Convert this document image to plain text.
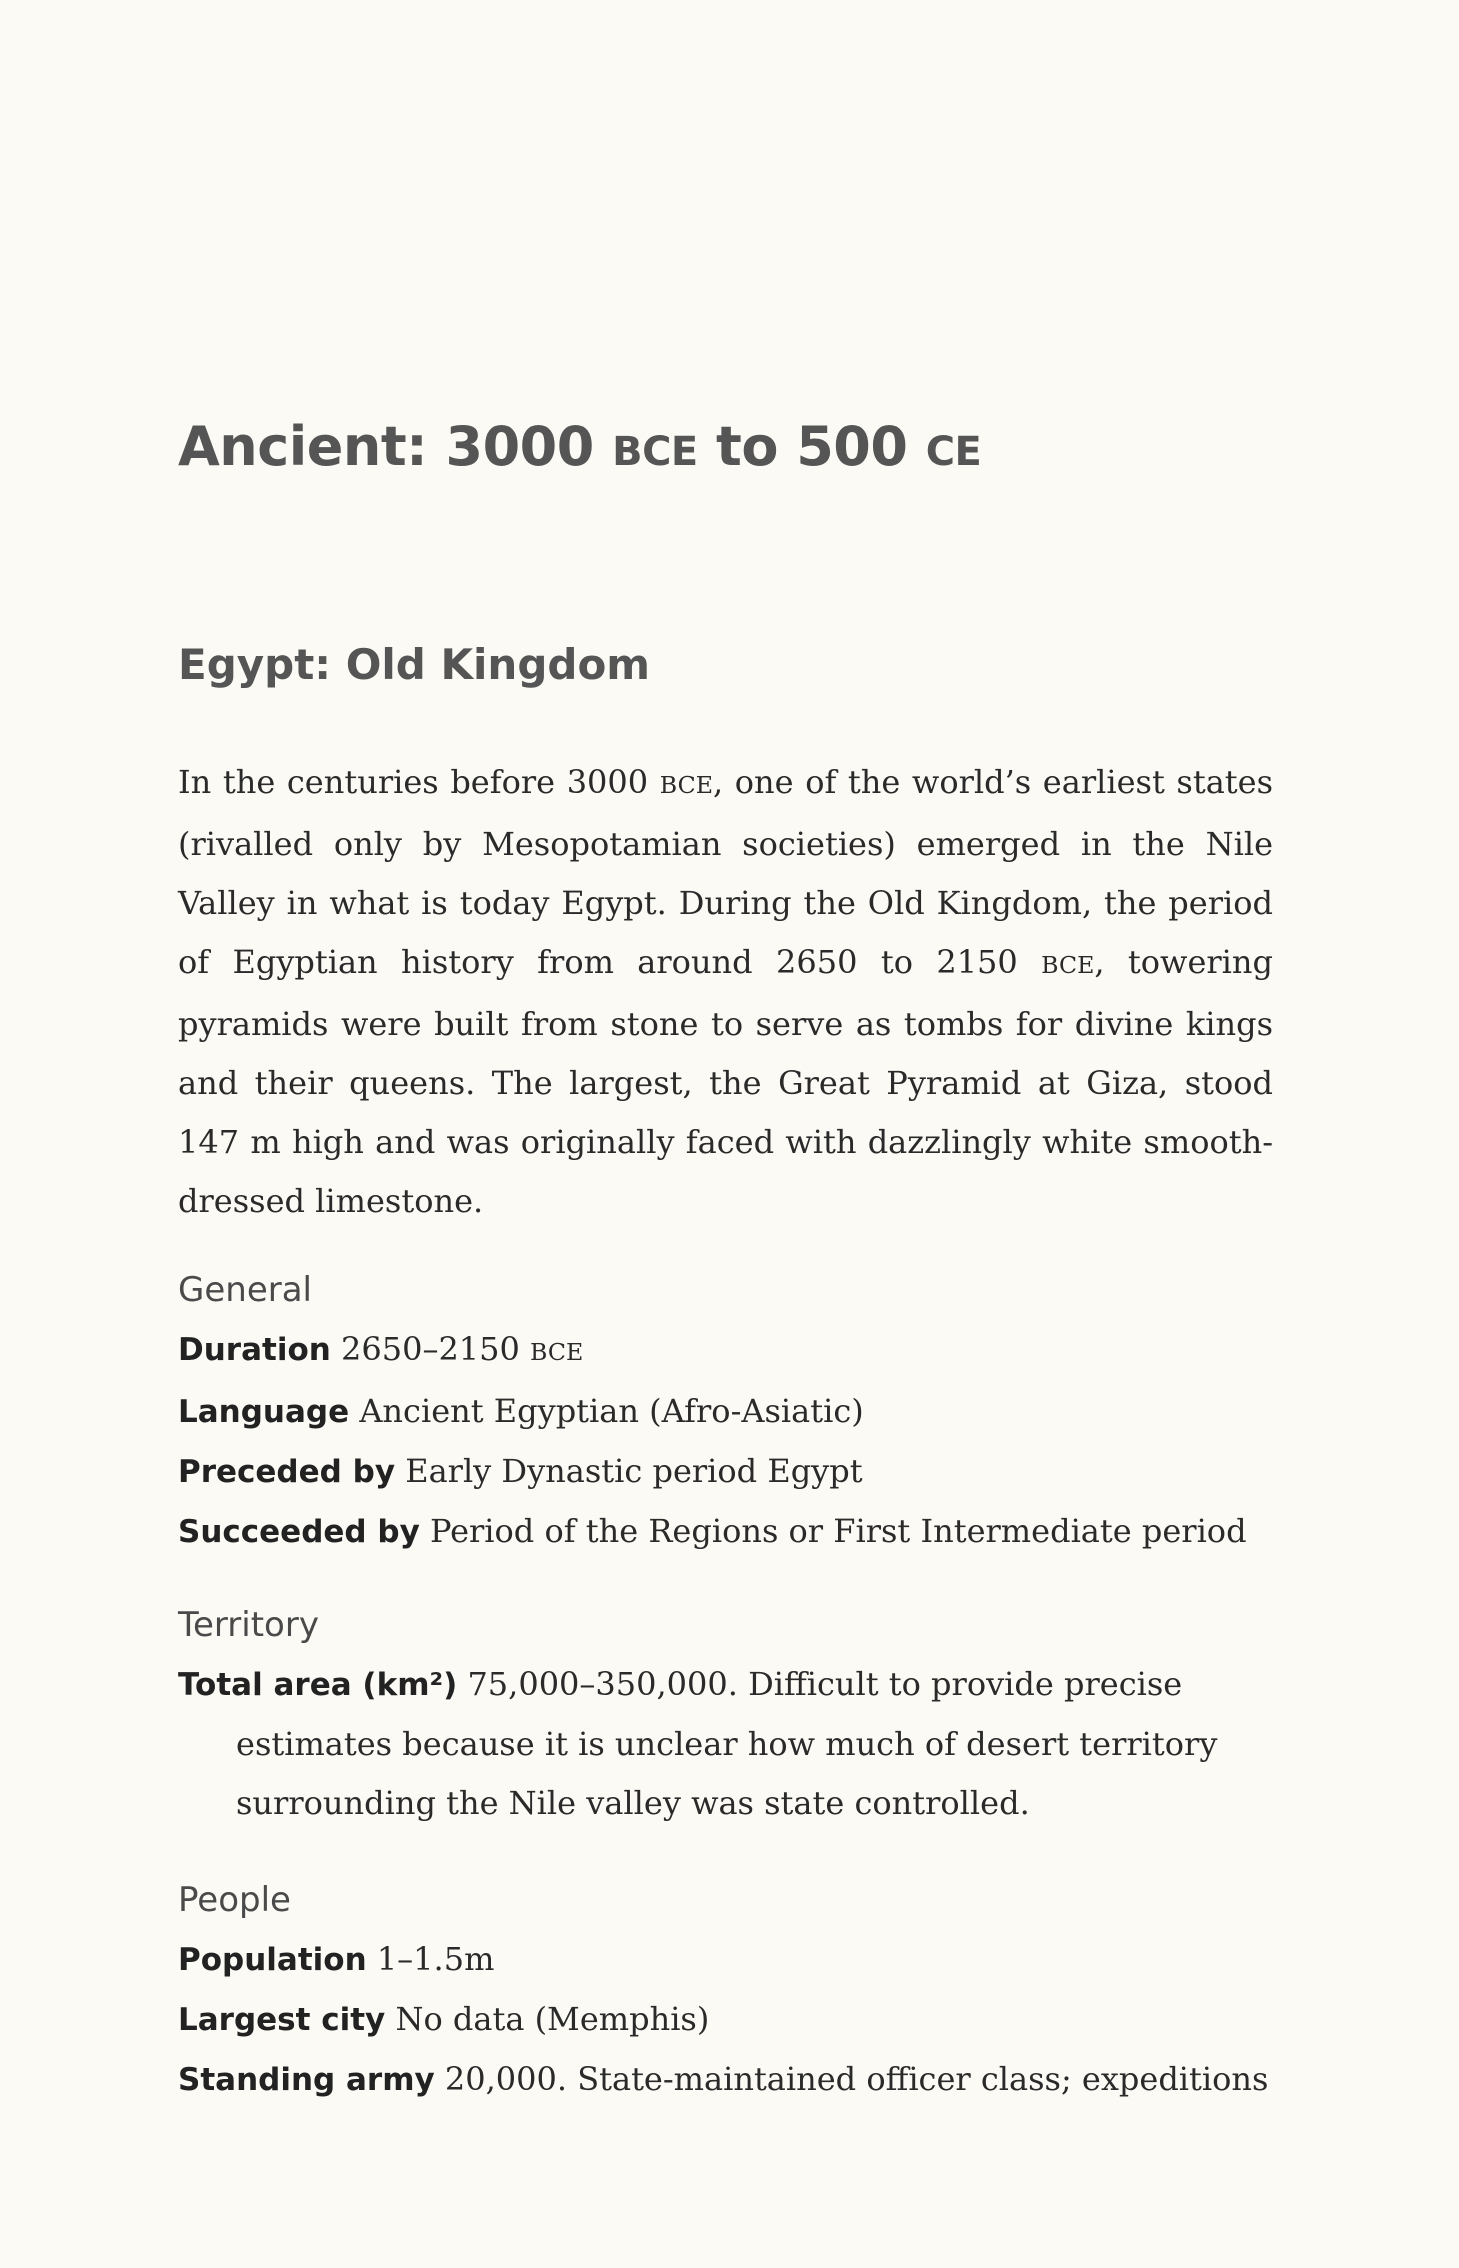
Ancient: 3000 BCE to 500 CE
Egypt: Old Kingdom

In the centuries before 3000 BCE, one of the world’s earliest states (rivalled only by Mesopotamian societies) emerged in the Nile Valley in what is today Egypt. During the Old Kingdom, the period of Egyptian history from around 2650 to 2150 BCE, towering pyramids were built from stone to serve as tombs for divine kings and their queens. The largest, the Great Pyramid at Giza, stood 147 m high and was originally faced with dazzlingly white smooth-dressed limestone.

General

Duration 2650–2150 BCE

Language Ancient Egyptian (Afro-Asiatic)

Preceded by Early Dynastic period Egypt

Succeeded by Period of the Regions or First Intermediate period

Territory

Total area (km²) 75,000–350,000. Difficult to provide precise estimates because it is unclear how much of desert territory surrounding the Nile valley was state controlled.

People

Population 1–1.5m

Largest city No data (Memphis)

Standing army 20,000. State-maintained officer class; expeditions
